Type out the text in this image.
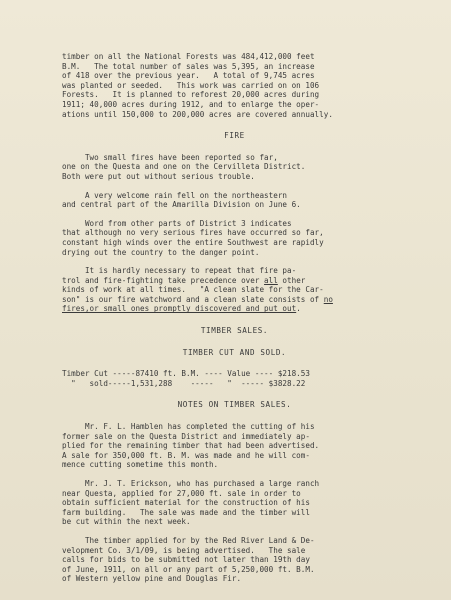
timber on all the National Forests was 484,412,000 feet

B.M.   The total number of sales was 5,395, an increase

of 418 over the previous year.   A total of 9,745 acres

was planted or seeded.   This work was carried on on 106

Forests.   It is planned to reforest 20,000 acres during

1911; 40,000 acres during 1912, and to enlarge the oper-

ations until 150,000 to 200,000 acres are covered annually.

FIRE

Two small fires have been reported so far,

one on the Questa and one on the Cervilleta District.

Both were put out without serious trouble.

A very welcome rain fell on the northeastern

and central part of the Amarilla Division on June 6.

Word from other parts of District 3 indicates

that although no very serious fires have occurred so far,

constant high winds over the entire Southwest are rapidly

drying out the country to the danger point.

It is hardly necessary to repeat that fire pa-

trol and fire-fighting take precedence over all other

kinds of work at all times.   "A clean slate for the Car-

son" is our fire watchword and a clean slate consists of no

fires,or small ones promptly discovered and put out.

TIMBER SALES.

TIMBER CUT AND SOLD.

Timber Cut -----87410 ft. B.M. ---- Value ---- $218.53

"   sold-----1,531,288    -----   "  ----- $3828.22

NOTES ON TIMBER SALES.

Mr. F. L. Hamblen has completed the cutting of his

former sale on the Questa District and immediately ap-

plied for the remaining timber that had been advertised.

A sale for 350,000 ft. B. M. was made and he will com-

mence cutting sometime this month.

Mr. J. T. Erickson, who has purchased a large ranch

near Questa, applied for 27,000 ft. sale in order to

obtain sufficient material for the construction of his

farm building.   The sale was made and the timber will

be cut within the next week.

The timber applied for by the Red River Land & De-

velopment Co. 3/1/09, is being advertised.   The sale

calls for bids to be submitted not later than 19th day

of June, 1911, on all or any part of 5,250,000 ft. B.M.

of Western yellow pine and Douglas Fir.
